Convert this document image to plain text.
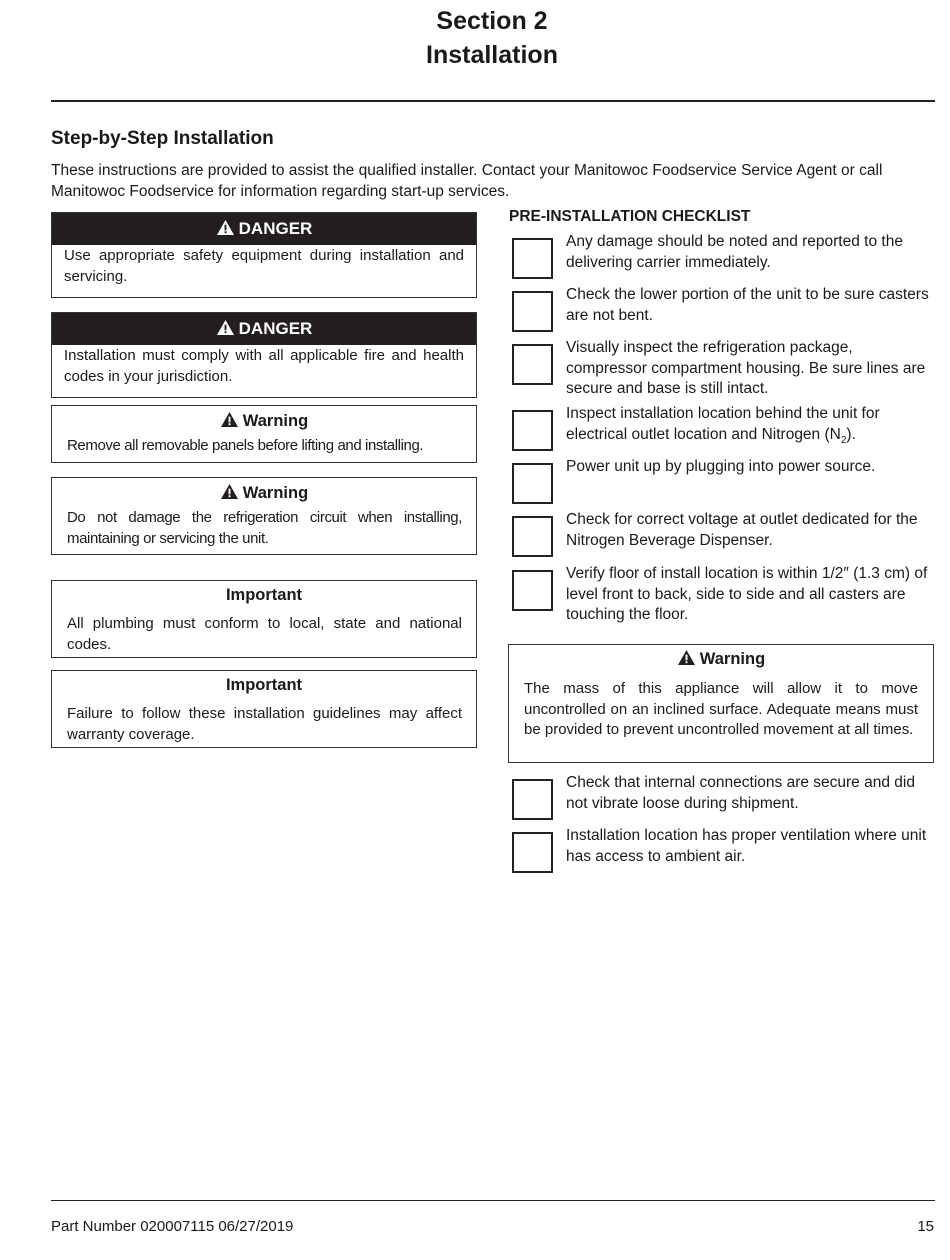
Section 2
Installation
Step-by-Step Installation
These instructions are provided to assist the qualified installer. Contact your Manitowoc Foodservice Service Agent or call Manitowoc Foodservice for information regarding start-up services.
DANGER
Use appropriate safety equipment during installation and servicing.
DANGER
Installation must comply with all applicable fire and health codes in your jurisdiction.
Warning
Remove all removable panels before lifting and installing.
Warning
Do not damage the refrigeration circuit when installing, maintaining or servicing the unit.
Important
All plumbing must conform to local, state and national codes.
Important
Failure to follow these installation guidelines may affect warranty coverage.
PRE-INSTALLATION CHECKLIST
Any damage should be noted and reported to the delivering carrier immediately.
Check the lower portion of the unit to be sure casters are not bent.
Visually inspect the refrigeration package, compressor compartment housing. Be sure lines are secure and base is still intact.
Inspect installation location behind the unit for electrical outlet location and Nitrogen $(N_2)$.
Power unit up by plugging into power source.
Check for correct voltage at outlet dedicated for the Nitrogen Beverage Dispenser.
Verify floor of install location is within 1/2″ (1.3 cm) of level front to back, side to side and all casters are touching the floor.
Warning
The mass of this appliance will allow it to move uncontrolled on an inclined surface. Adequate means must be provided to prevent uncontrolled movement at all times.
Check that internal connections are secure and did not vibrate loose during shipment.
Installation location has proper ventilation where unit has access to ambient air.
Part Number 020007115 06/27/2019	15
